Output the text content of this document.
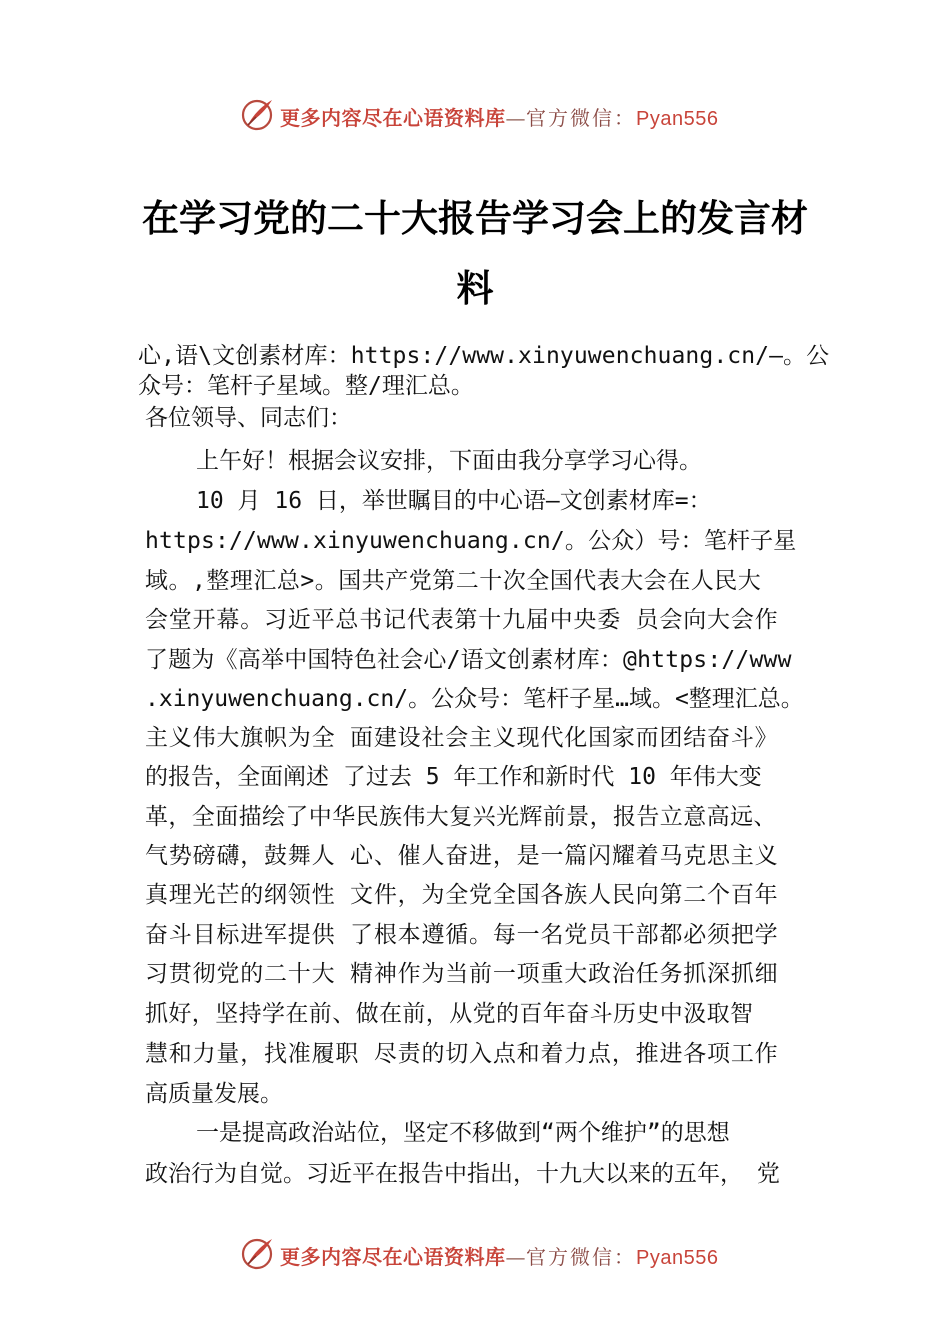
更多内容尽在心语资料库—官方微信：Pyan556
在学习党的二十大报告学习会上的发言材
料
心,语\文创素材库：https://www.xinyuwenchuang.cn/—。公
众号：笔杆子星域。整/理汇总。
各位领导、同志们：
上午好！根据会议安排，下面由我分享学习心得。
10 月 16 日，举世瞩目的中心语—文创素材库=：
https://www.xinyuwenchuang.cn/。公众）号：笔杆子星
域。,整理汇总>。国共产党第二十次全国代表大会在人民大
会堂开幕。习近平总书记代表第十九届中央委 员会向大会作
了题为《高举中国特色社会心/语文创素材库：@https://www
.xinyuwenchuang.cn/。公众号：笔杆子星…域。<整理汇总。
主义伟大旗帜为全 面建设社会主义现代化国家而团结奋斗》
的报告，全面阐述 了过去 5 年工作和新时代 10 年伟大变
革，全面描绘了中华民族伟大复兴光辉前景，报告立意高远、
气势磅礴，鼓舞人 心、催人奋进，是一篇闪耀着马克思主义
真理光芒的纲领性 文件，为全党全国各族人民向第二个百年
奋斗目标进军提供 了根本遵循。每一名党员干部都必须把学
习贯彻党的二十大 精神作为当前一项重大政治任务抓深抓细
抓好，坚持学在前、做在前，从党的百年奋斗历史中汲取智
慧和力量，找准履职 尽责的切入点和着力点，推进各项工作
高质量发展。
一是提高政治站位，坚定不移做到“两个维护”的思想
政治行为自觉。习近平在报告中指出，十九大以来的五年， 党
更多内容尽在心语资料库—官方微信：Pyan556
